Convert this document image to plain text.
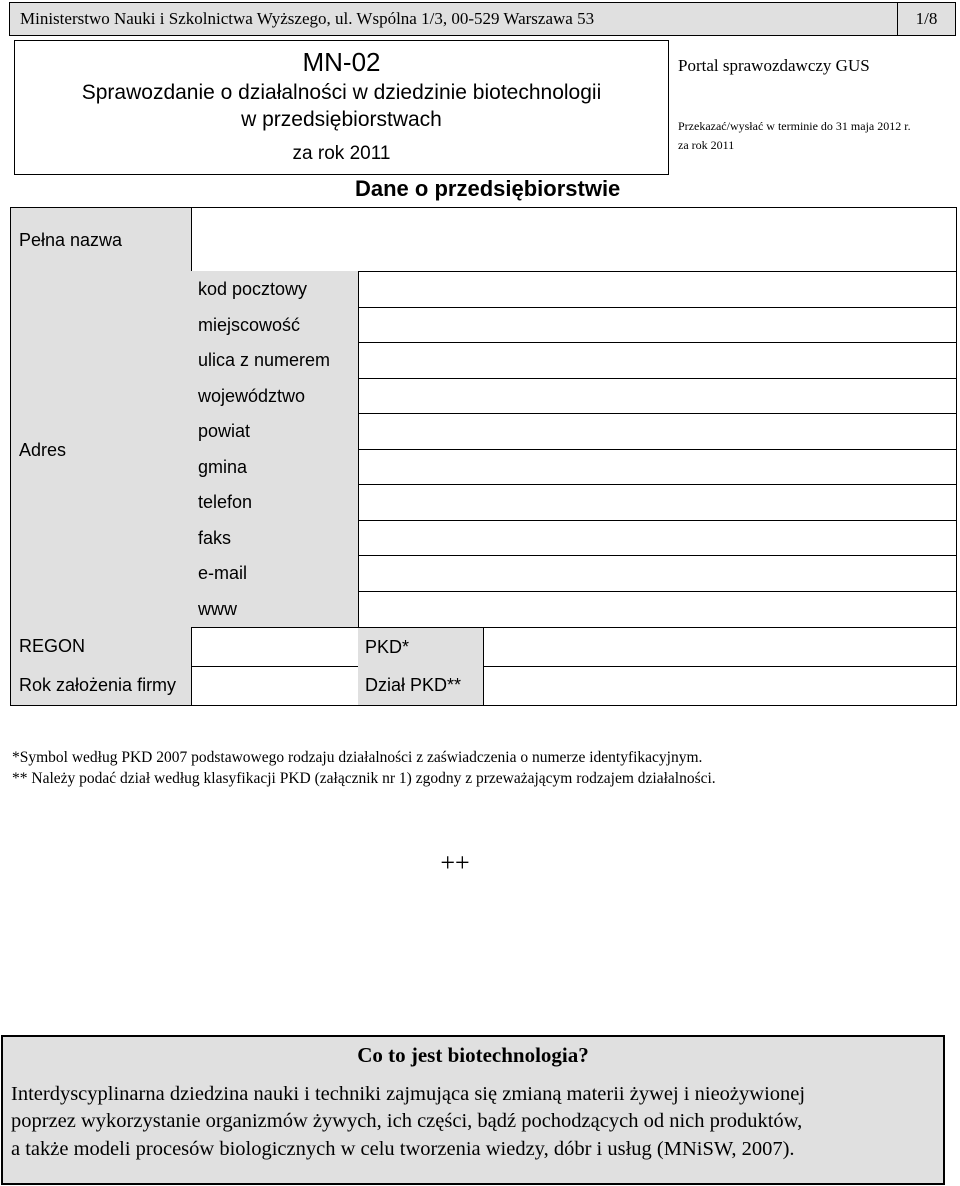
Ministerstwo Nauki i Szkolnictwa Wyższego, ul. Wspólna 1/3, 00-529 Warszawa 53	1/8
MN-02
Sprawozdanie o działalności w dziedzinie biotechnologii
w przedsiębiorstwach
za rok 2011
Portal sprawozdawczy GUS
Przekazać/wysłać w terminie do 31 maja 2012 r.
za rok 2011
Dane o przedsiębiorstwie
Pełna nazwa
Adres
kod pocztowy
miejscowość
ulica z numerem
województwo
powiat
gmina
telefon
faks
e-mail
www
REGON	PKD*
Rok założenia firmy	Dział PKD**
*Symbol według PKD 2007 podstawowego rodzaju działalności z zaświadczenia o numerze identyfikacyjnym.
** Należy podać dział według klasyfikacji PKD (załącznik nr 1) zgodny z przeważającym rodzajem działalności.
++
Co to jest biotechnologia?
Interdyscyplinarna dziedzina nauki i techniki zajmująca się zmianą materii żywej i nieożywionej
poprzez wykorzystanie organizmów żywych, ich części, bądź pochodzących od nich produktów,
a także modeli procesów biologicznych w celu tworzenia wiedzy, dóbr i usług (MNiSW, 2007).
